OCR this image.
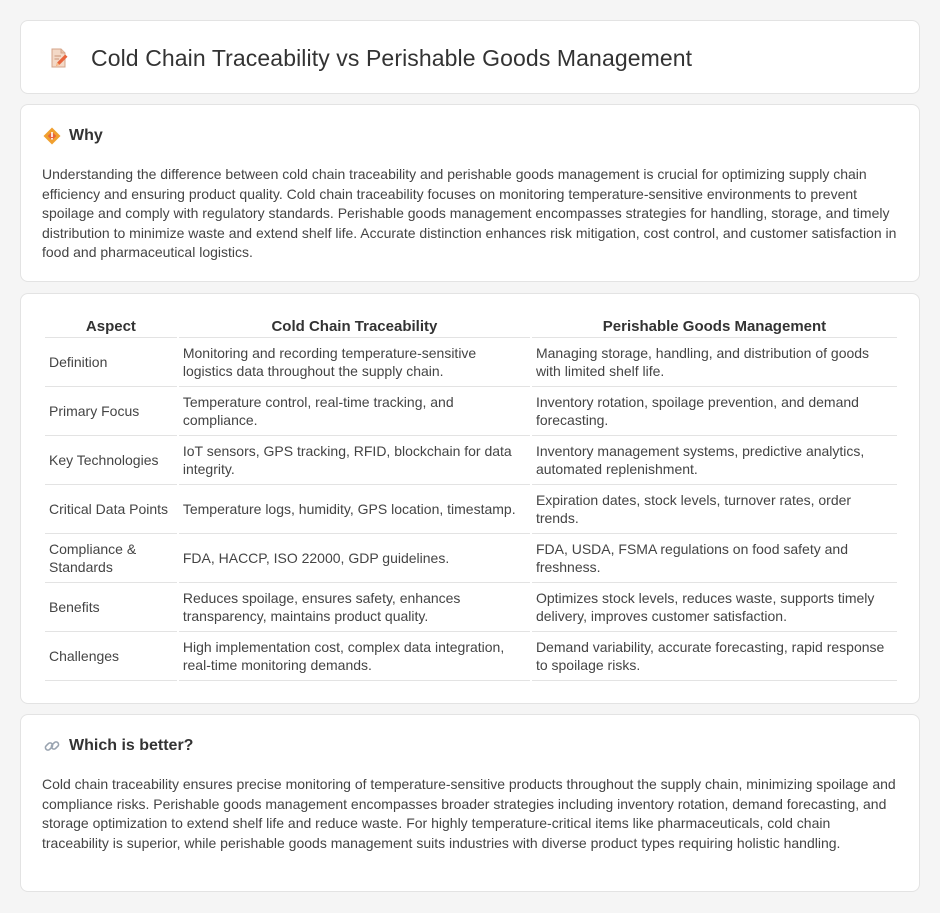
Cold Chain Traceability vs Perishable Goods Management
Why

Understanding the difference between cold chain traceability and perishable goods management is crucial for optimizing supply chain efficiency and ensuring product quality. Cold chain traceability focuses on monitoring temperature-sensitive environments to prevent spoilage and comply with regulatory standards. Perishable goods management encompasses strategies for handling, storage, and timely distribution to minimize waste and extend shelf life. Accurate distinction enhances risk mitigation, cost control, and customer satisfaction in food and pharmaceutical logistics.

Aspect	Cold Chain Traceability	Perishable Goods Management
Definition	Monitoring and recording temperature-sensitive logistics data throughout the supply chain.	Managing storage, handling, and distribution of goods with limited shelf life.
Primary Focus	Temperature control, real-time tracking, and compliance.	Inventory rotation, spoilage prevention, and demand forecasting.
Key Technologies	IoT sensors, GPS tracking, RFID, blockchain for data integrity.	Inventory management systems, predictive analytics, automated replenishment.
Critical Data Points	Temperature logs, humidity, GPS location, timestamp.	Expiration dates, stock levels, turnover rates, order trends.
Compliance & Standards	FDA, HACCP, ISO 22000, GDP guidelines.	FDA, USDA, FSMA regulations on food safety and freshness.
Benefits	Reduces spoilage, ensures safety, enhances transparency, maintains product quality.	Optimizes stock levels, reduces waste, supports timely delivery, improves customer satisfaction.
Challenges	High implementation cost, complex data integration, real-time monitoring demands.	Demand variability, accurate forecasting, rapid response to spoilage risks.
Which is better?

Cold chain traceability ensures precise monitoring of temperature-sensitive products throughout the supply chain, minimizing spoilage and compliance risks. Perishable goods management encompasses broader strategies including inventory rotation, demand forecasting, and storage optimization to extend shelf life and reduce waste. For highly temperature-critical items like pharmaceuticals, cold chain traceability is superior, while perishable goods management suits industries with diverse product types requiring holistic handling.
